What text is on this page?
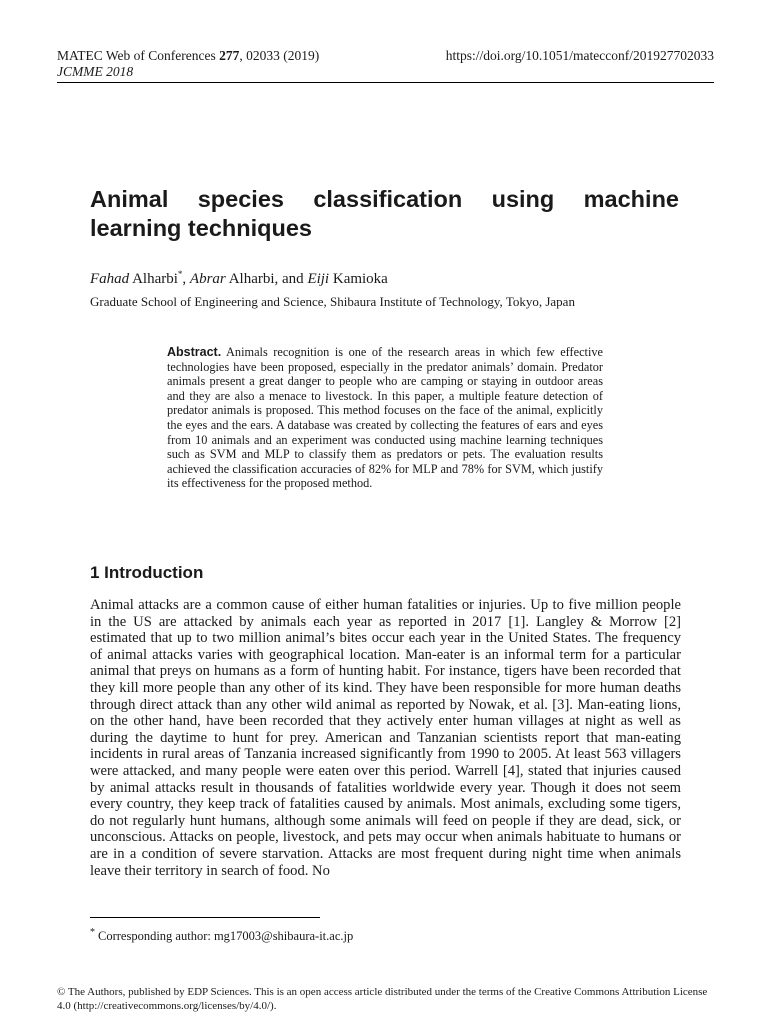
MATEC Web of Conferences 277, 02033 (2019)
JCMME 2018
https://doi.org/10.1051/matecconf/201927702033
Animal species classification using machine learning techniques
Fahad Alharbi*, Abrar Alharbi, and Eiji Kamioka
Graduate School of Engineering and Science, Shibaura Institute of Technology, Tokyo, Japan

Abstract. Animals recognition is one of the research areas in which few effective technologies have been proposed, especially in the predator animals’ domain. Predator animals present a great danger to people who are camping or staying in outdoor areas and they are also a menace to livestock. In this paper, a multiple feature detection of predator animals is proposed. This method focuses on the face of the animal, explicitly the eyes and the ears. A database was created by collecting the features of ears and eyes from 10 animals and an experiment was conducted using machine learning techniques such as SVM and MLP to classify them as predators or pets. The evaluation results achieved the classification accuracies of 82% for MLP and 78% for SVM, which justify its effectiveness for the proposed method.

1 Introduction

Animal attacks are a common cause of either human fatalities or injuries. Up to five million people in the US are attacked by animals each year as reported in 2017 [1]. Langley & Morrow [2] estimated that up to two million animal’s bites occur each year in the United States. The frequency of animal attacks varies with geographical location. Man-eater is an informal term for a particular animal that preys on humans as a form of hunting habit. For instance, tigers have been recorded that they kill more people than any other of its kind. They have been responsible for more human deaths through direct attack than any other wild animal as reported by Nowak, et al. [3]. Man-eating lions, on the other hand, have been recorded that they actively enter human villages at night as well as during the daytime to hunt for prey. American and Tanzanian scientists report that man-eating incidents in rural areas of Tanzania increased significantly from 1990 to 2005. At least 563 villagers were attacked, and many people were eaten over this period. Warrell [4], stated that injuries caused by animal attacks result in thousands of fatalities worldwide every year. Though it does not seem every country, they keep track of fatalities caused by animals. Most animals, excluding some tigers, do not regularly hunt humans, although some animals will feed on people if they are dead, sick, or unconscious. Attacks on people, livestock, and pets may occur when animals habituate to humans or are in a condition of severe starvation. Attacks are most frequent during night time when animals leave their territory in search of food. No

* Corresponding author: mg17003@shibaura-it.ac.jp
© The Authors, published by EDP Sciences. This is an open access article distributed under the terms of the Creative Commons Attribution License 4.0 (http://creativecommons.org/licenses/by/4.0/).
